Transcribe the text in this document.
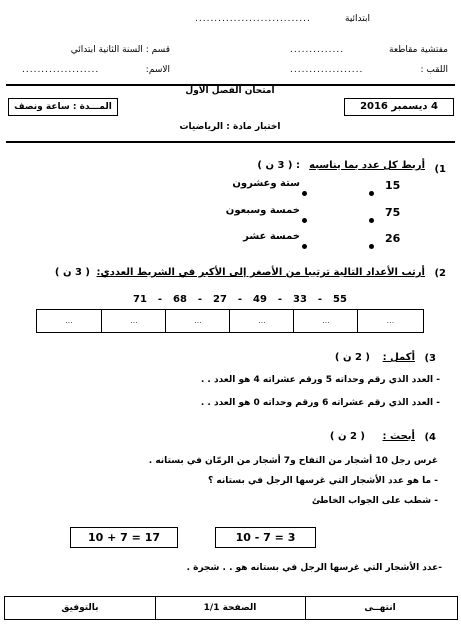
ابتدائية
..............................
مفتشية مقاطعة
..............
قسم : السنة الثانية ابتدائي
اللقب :
...................
الاسم:
....................
امتحان الفصل الأول
4 ديسمبر 2016
المـــدة : ساعة ونصف
اختبار مادة : الرياضيات
1)
أربط كل عدد بما يناسبه
: ( 3 ن )
15
ستة وعشرون
75
خمسة وسبعون
26
خمسة عشر
2)
أرتب الأعداد التالية ترتيبا من الأصغر إلى الأكبر في الشريط العددي:
( 3 ن )
71  -  68  -  27  -  49  -  33  -  55
...	...	...	...	...	...
3)
أكمل :
( 2 ن )
- العدد الذي رقم وحداته 5 ورقم عشراته 4 هو العدد . .
- العدد الذي رقم عشراته 6 ورقم وحداته 0 هو العدد . .
4)
أبحث :
( 2 ن )
غرس رجل 10 أشجار من التفاح و7 أشجار من الرمّان في بستانه .
- ما هو عدد الأشجار التي غرسها الرجل في بستانه ؟
- شطب على الجواب الخاطئ
10 + 7 = 17	10 - 7 = 3
-عدد الأشجار التي غرسها الرجل في بستانه هو . . شجرة .
انتهــى
الصفحة 1/1
بالتوفيق
